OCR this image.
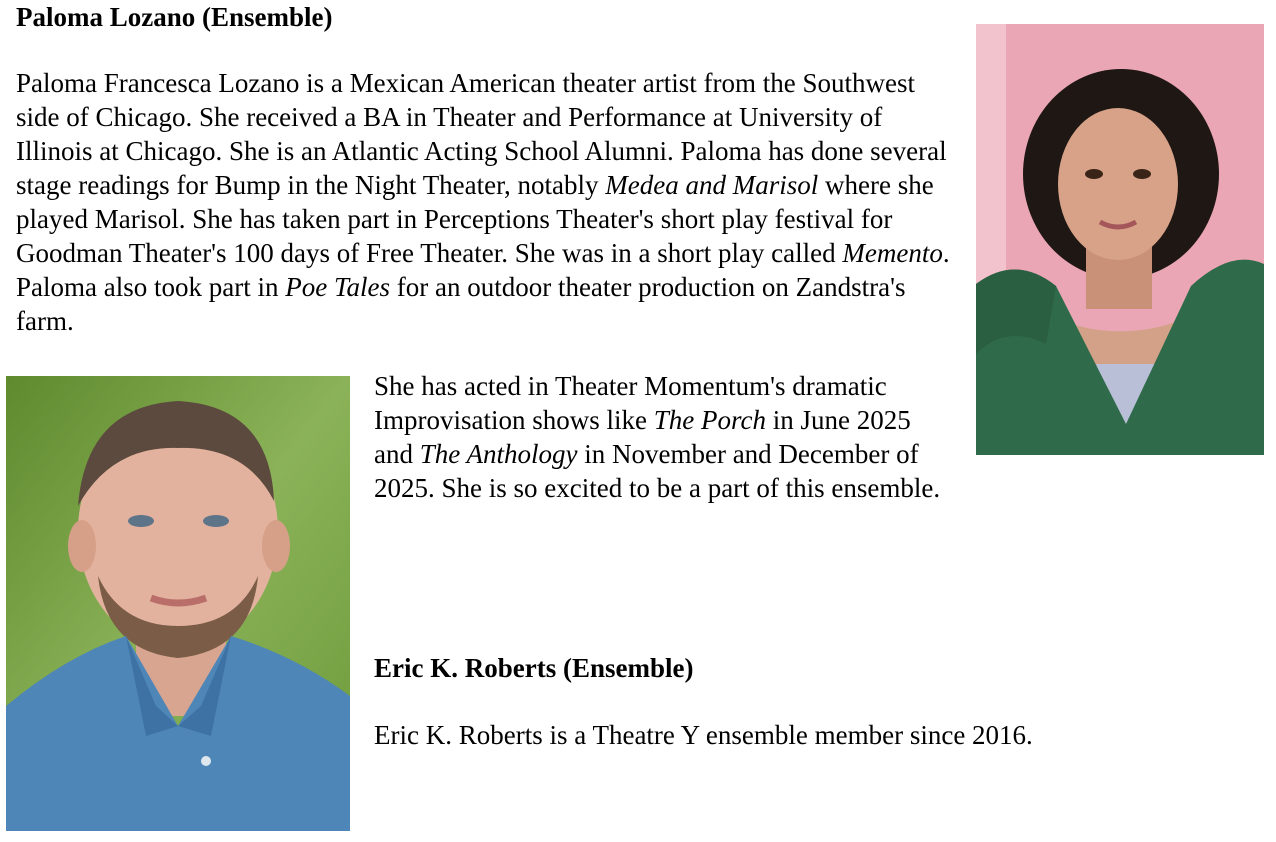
Paloma Lozano (Ensemble)

Paloma Francesca Lozano is a Mexican American theater artist from the Southwest side of Chicago. She received a BA in Theater and Performance at University of Illinois at Chicago. She is an Atlantic Acting School Alumni. Paloma has done several stage readings for Bump in the Night Theater, notably Medea and Marisol where she played Marisol. She has taken part in Perceptions Theater's short play festival for Goodman Theater's 100 days of Free Theater. She was in a short play called Memento. Paloma also took part in Poe Tales for an outdoor theater production on Zandstra's farm.

She has acted in Theater Momentum's dramatic Improvisation shows like The Porch in June 2025 and The Anthology in November and December of 2025. She is so excited to be a part of this ensemble.

Eric K. Roberts (Ensemble)

Eric K. Roberts is a Theatre Y ensemble member since 2016.
